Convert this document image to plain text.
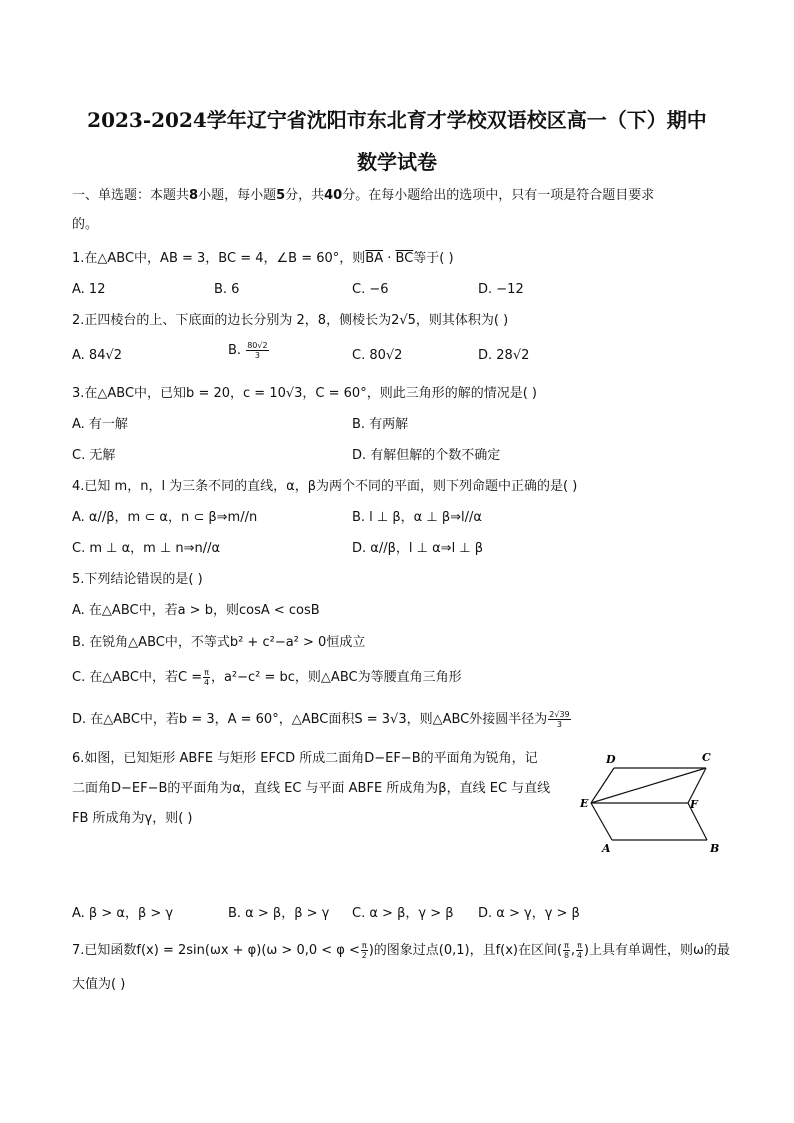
2023-2024学年辽宁省沈阳市东北育才学校双语校区高一（下）期中
数学试卷
一、单选题：本题共8小题，每小题5分，共40分。在每小题给出的选项中，只有一项是符合题目要求
的。
1.在△ABC中，AB = 3，BC = 4，∠B = 60°，则$\overline{BA} \cdot \overline{BC}$等于( )
A. 12	B. 6	C. −6	D. −12
2.正四棱台的上、下底面的边长分别为 2，8，侧棱长为2√5，则其体积为( )
A. 84√2	B. $\frac{80√2}{3}$	C. 80√2	D. 28√2
3.在△ABC中，已知b = 20，c = 10√3，C = 60°，则此三角形的解的情况是( )
A. 有一解	B. 有两解
C. 无解	D. 有解但解的个数不确定
4.已知 m，n，l 为三条不同的直线，α，β为两个不同的平面，则下列命题中正确的是( )
A. α//β，m ⊂ α，n ⊂ β⇒m//n	B. l ⊥ β，α ⊥ β⇒l//α
C. m ⊥ α，m ⊥ n⇒n//α	D. α//β，l ⊥ α⇒l ⊥ β
5.下列结论错误的是( )
A. 在△ABC中，若a > b，则cosA < cosB
B. 在锐角△ABC中，不等式b² + c²−a² > 0恒成立
C. 在△ABC中，若$C = \frac{\pi}{4}$ ，a²−c² = bc，则△ABC为等腰直角三角形
D. 在△ABC中，若b = 3，A = 60°，△ABC面积S = 3√3，则△ABC外接圆半径为 $\frac{2√39}{3}$
6.如图，已知矩形 ABFE 与矩形 EFCD 所成二面角D−EF−B的平面角为锐角，记
二面角D−EF−B的平面角为α，直线 EC 与平面 ABFE 所成角为β，直线 EC 与直线
FB 所成角为γ，则( )
D	C
E	F
A	B
A. β > α，β > γ	B. α > β，β > γ C. α > β，γ > β D. α > γ，γ > β
7.已知函数$f(x) = 2\sin(\omega x + \varphi)(\omega > 0,0 < \varphi < \frac{\pi}{2}$ )的图象过点(0,1)，且f(x)在区间( $\frac{\pi}{8}$ , $\frac{\pi}{4}$ )上具有单调性，则ω的最
大值为( )
